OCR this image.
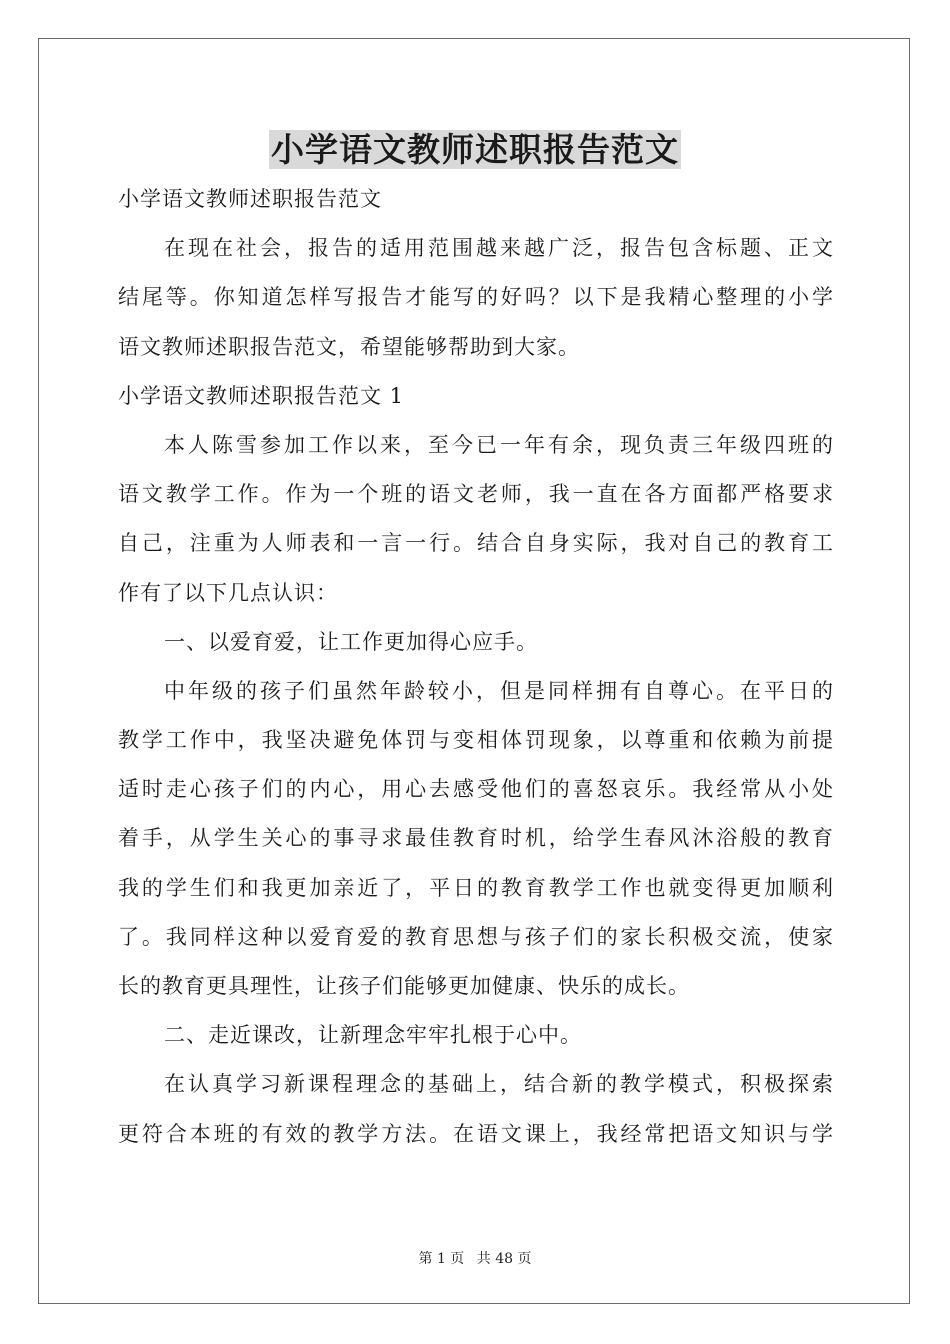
小学语文教师述职报告范文

小学语文教师述职报告范文

在现在社会，报告的适用范围越来越广泛，报告包含标题、正文

结尾等。你知道怎样写报告才能写的好吗？以下是我精心整理的小学

语文教师述职报告范文，希望能够帮助到大家。

小学语文教师述职报告范文 1

本人陈雪参加工作以来，至今已一年有余，现负责三年级四班的

语文教学工作。作为一个班的语文老师，我一直在各方面都严格要求

自己，注重为人师表和一言一行。结合自身实际，我对自己的教育工

作有了以下几点认识：

一、以爱育爱，让工作更加得心应手。

中年级的孩子们虽然年龄较小，但是同样拥有自尊心。在平日的

教学工作中，我坚决避免体罚与变相体罚现象，以尊重和依赖为前提

适时走心孩子们的内心，用心去感受他们的喜怒哀乐。我经常从小处

着手，从学生关心的事寻求最佳教育时机，给学生春风沐浴般的教育

我的学生们和我更加亲近了，平日的教育教学工作也就变得更加顺利

了。我同样这种以爱育爱的教育思想与孩子们的家长积极交流，使家

长的教育更具理性，让孩子们能够更加健康、快乐的成长。

二、走近课改，让新理念牢牢扎根于心中。

在认真学习新课程理念的基础上，结合新的教学模式，积极探索

更符合本班的有效的教学方法。在语文课上，我经常把语文知识与学

第 1 页 共 48 页
